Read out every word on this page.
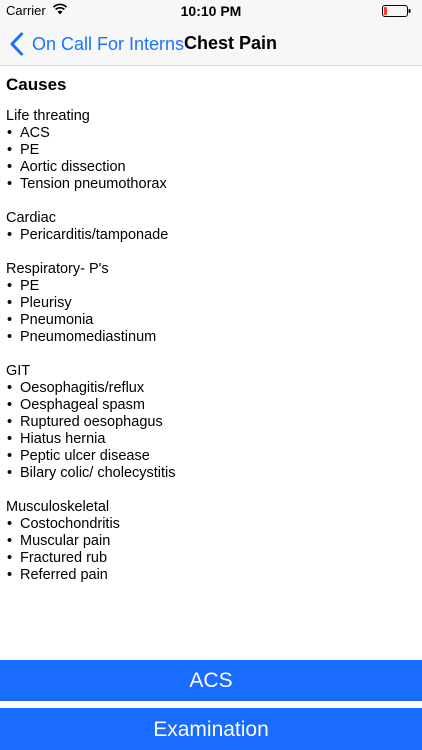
Carrier	10:10 PM
On Call For Interns Chest Pain
Causes
Life threating
• ACS
• PE
• Aortic dissection
• Tension pneumothorax
Cardiac
• Pericarditis/tamponade
Respiratory- P's
• PE
• Pleurisy
• Pneumonia
• Pneumomediastinum
GIT
• Oesophagitis/reflux
• Oesphageal spasm
• Ruptured oesophagus
• Hiatus hernia
• Peptic ulcer disease
• Bilary colic/ cholecystitis
Musculoskeletal
• Costochondritis
• Muscular pain
• Fractured rub
• Referred pain
ACS
Examination
